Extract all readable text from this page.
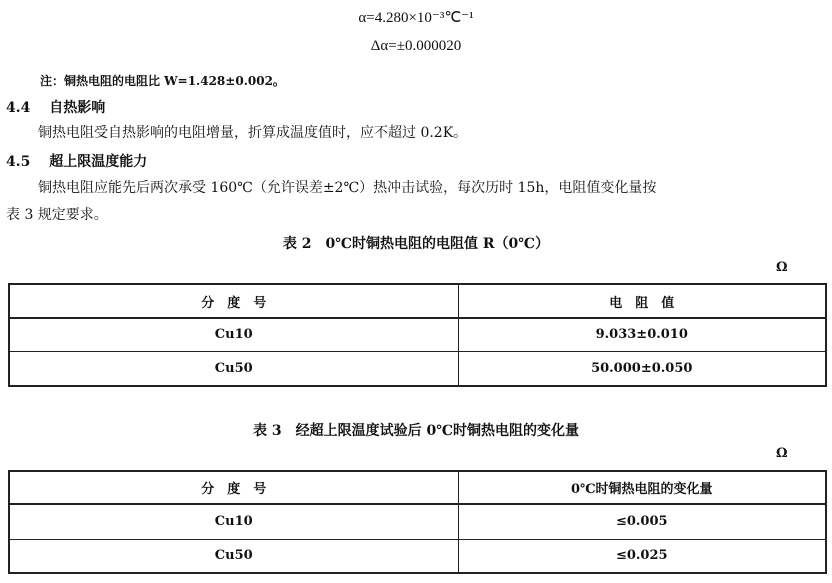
α=4.280×10⁻³℃⁻¹
Δα=±0.000020
注：铜热电阻的电阻比 W=1.428±0.002。
4.4 自热影响
铜热电阻受自热影响的电阻增量，折算成温度值时，应不超过 0.2K。
4.5 超上限温度能力
铜热电阻应能先后两次承受 160℃（允许误差±2℃）热冲击试验，每次历时 15h，电阻值变化量按
表 3 规定要求。
表 2　0℃时铜热电阻的电阻值 R（0℃）
Ω
分　度　号	电　阻　值
Cu10	9.033±0.010
Cu50	50.000±0.050
表 3　经超上限温度试验后 0℃时铜热电阻的变化量
Ω
分　度　号	0℃时铜热电阻的变化量
Cu10	≤0.005
Cu50	≤0.025
